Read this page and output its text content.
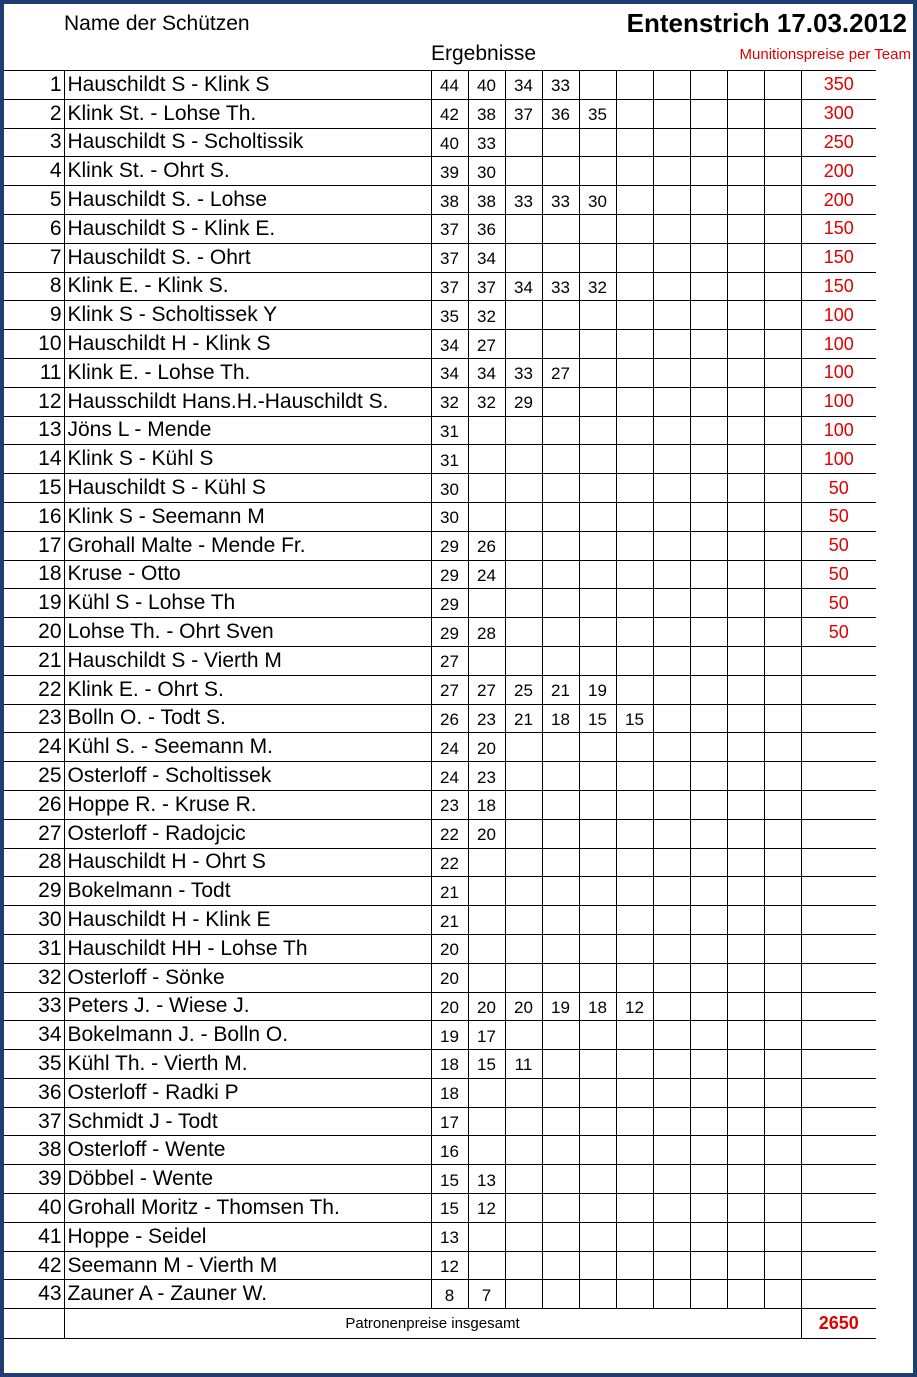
Name der Schützen	Entenstrich 17.03.2012
Ergebnisse	Munitionspreise per Team
1	Hauschildt S - Klink S	44	40	34	33							350
2	Klink St. - Lohse Th.	42	38	37	36	35						300
3	Hauschildt S - Scholtissik	40	33									250
4	Klink St. - Ohrt S.	39	30									200
5	Hauschildt S. - Lohse	38	38	33	33	30						200
6	Hauschildt S - Klink E.	37	36									150
7	Hauschildt S. - Ohrt	37	34									150
8	Klink E. - Klink S.	37	37	34	33	32						150
9	Klink S - Scholtissek Y	35	32									100
10	Hauschildt H - Klink S	34	27									100
11	Klink E. - Lohse Th.	34	34	33	27							100
12	Hausschildt Hans.H.-Hauschildt S.	32	32	29								100
13	Jöns L - Mende	31										100
14	Klink S - Kühl S	31										100
15	Hauschildt S - Kühl S	30										50
16	Klink S - Seemann M	30										50
17	Grohall Malte - Mende Fr.	29	26									50
18	Kruse - Otto	29	24									50
19	Kühl S - Lohse Th	29										50
20	Lohse Th. - Ohrt Sven	29	28									50
21	Hauschildt S - Vierth M	27										
22	Klink E. - Ohrt S.	27	27	25	21	19						
23	Bolln O. - Todt S.	26	23	21	18	15	15					
24	Kühl S. - Seemann M.	24	20									
25	Osterloff - Scholtissek	24	23									
26	Hoppe R. - Kruse R.	23	18									
27	Osterloff - Radojcic	22	20									
28	Hauschildt H - Ohrt S	22										
29	Bokelmann - Todt	21										
30	Hauschildt H - Klink E	21										
31	Hauschildt HH - Lohse Th	20										
32	Osterloff - Sönke	20										
33	Peters J. - Wiese J.	20	20	20	19	18	12					
34	Bokelmann J. - Bolln O.	19	17									
35	Kühl Th. - Vierth M.	18	15	11								
36	Osterloff - Radki P	18										
37	Schmidt J - Todt	17										
38	Osterloff - Wente	16										
39	Döbbel - Wente	15	13									
40	Grohall Moritz - Thomsen Th.	15	12									
41	Hoppe - Seidel	13										
42	Seemann M - Vierth M	12										
43	Zauner A - Zauner W.	8	7									
	Patronenpreise insgesamt											2650
